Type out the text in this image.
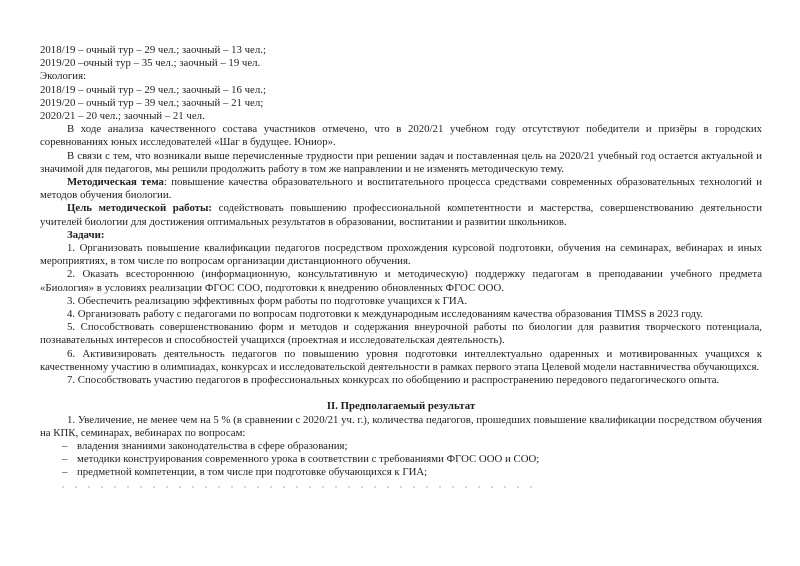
2018/19 – очный тур – 29 чел.; заочный – 13 чел.;
2019/20 –очный тур – 35 чел.; заочный – 19 чел.
Экология:
2018/19 – очный тур – 29 чел.; заочный – 16 чел.;
2019/20 – очный тур – 39 чел.; заочный – 21 чел;
2020/21 – 20 чел.; заочный – 21 чел.

В ходе анализа качественного состава участников отмечено, что в 2020/21 учебном году отсутствуют победители и призёры в городских соревнованиях юных исследователей «Шаг в будущее. Юниор».

В связи с тем, что возникали выше перечисленные трудности при решении задач и поставленная цель на 2020/21 учебный год остается актуальной и значимой для педагогов, мы решили продолжить работу в том же направлении и не изменять методическую тему.

Методическая тема: повышение качества образовательного и воспитательного процесса средствами современных образовательных технологий и методов обучения биологии.

Цель методической работы: содействовать повышению профессиональной компетентности и мастерства, совершенствованию деятельности учителей биологии для достижения оптимальных результатов в образовании, воспитании и развитии школьников.

Задачи:

1. Организовать повышение квалификации педагогов посредством прохождения курсовой подготовки, обучения на семинарах, вебинарах и иных мероприятиях, в том числе по вопросам организации дистанционного обучения.

2. Оказать всестороннюю (информационную, консультативную и методическую) поддержку педагогам в преподавании учебного предмета «Биология» в условиях реализации ФГОС СОО, подготовки к внедрению обновленных ФГОС ООО.

3. Обеспечить реализацию эффективных форм работы по подготовке учащихся к ГИА.

4. Организовать работу с педагогами по вопросам подготовки к международным исследованиям качества образования TIMSS в 2023 году.

5. Способствовать совершенствованию форм и методов и содержания внеурочной работы по биологии для развития творческого потенциала, познавательных интересов и способностей учащихся (проектная и исследовательская деятельность).

6. Активизировать деятельность педагогов по повышению уровня подготовки интеллектуально одаренных и мотивированных учащихся к качественному участию в олимпиадах, конкурсах и исследовательской деятельности в рамках первого этапа Целевой модели наставничества обучающихся.

7. Способствовать участию педагогов в профессиональных конкурсах по обобщению и распространению передового педагогического опыта.

II. Предполагаемый результат

1. Увеличение, не менее чем на 5 % (в сравнении с 2020/21 уч. г.), количества педагогов, прошедших повышение квалификации посредством обучения на КПК, семинарах, вебинарах по вопросам:

– владения знаниями законодательства в сфере образования;
– методики конструирования современного урока в соответствии с требованиями ФГОС ООО и СОО;
– предметной компетенции, в том числе при подготовке обучающихся к ГИА;
